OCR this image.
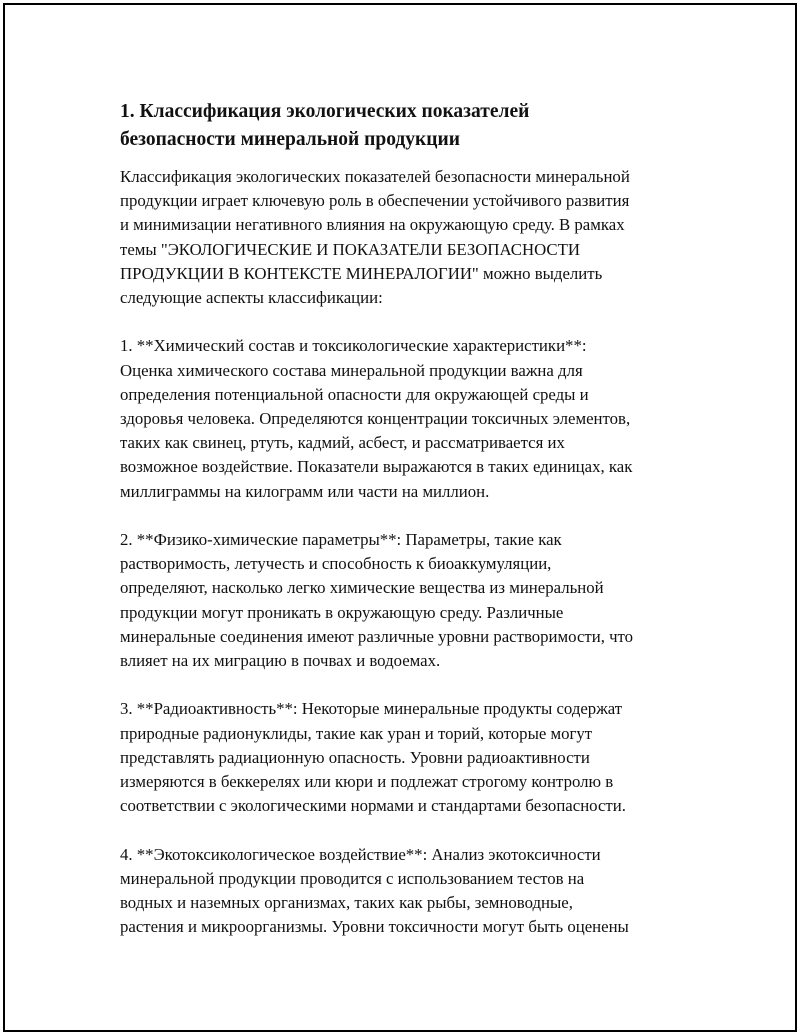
1. Классификация экологических показателей
безопасности минеральной продукции

Классификация экологических показателей безопасности минеральной
продукции играет ключевую роль в обеспечении устойчивого развития
и минимизации негативного влияния на окружающую среду. В рамках
темы "ЭКОЛОГИЧЕСКИЕ И ПОКАЗАТЕЛИ БЕЗОПАСНОСТИ
ПРОДУКЦИИ В КОНТЕКСТЕ МИНЕРАЛОГИИ" можно выделить
следующие аспекты классификации:

1. **Химический состав и токсикологические характеристики**:
Оценка химического состава минеральной продукции важна для
определения потенциальной опасности для окружающей среды и
здоровья человека. Определяются концентрации токсичных элементов,
таких как свинец, ртуть, кадмий, асбест, и рассматривается их
возможное воздействие. Показатели выражаются в таких единицах, как
миллиграммы на килограмм или части на миллион.

2. **Физико-химические параметры**: Параметры, такие как
растворимость, летучесть и способность к биоаккумуляции,
определяют, насколько легко химические вещества из минеральной
продукции могут проникать в окружающую среду. Различные
минеральные соединения имеют различные уровни растворимости, что
влияет на их миграцию в почвах и водоемах.

3. **Радиоактивность**: Некоторые минеральные продукты содержат
природные радионуклиды, такие как уран и торий, которые могут
представлять радиационную опасность. Уровни радиоактивности
измеряются в беккерелях или кюри и подлежат строгому контролю в
соответствии с экологическими нормами и стандартами безопасности.

4. **Экотоксикологическое воздействие**: Анализ экотоксичности
минеральной продукции проводится с использованием тестов на
водных и наземных организмах, таких как рыбы, земноводные,
растения и микроорганизмы. Уровни токсичности могут быть оценены
